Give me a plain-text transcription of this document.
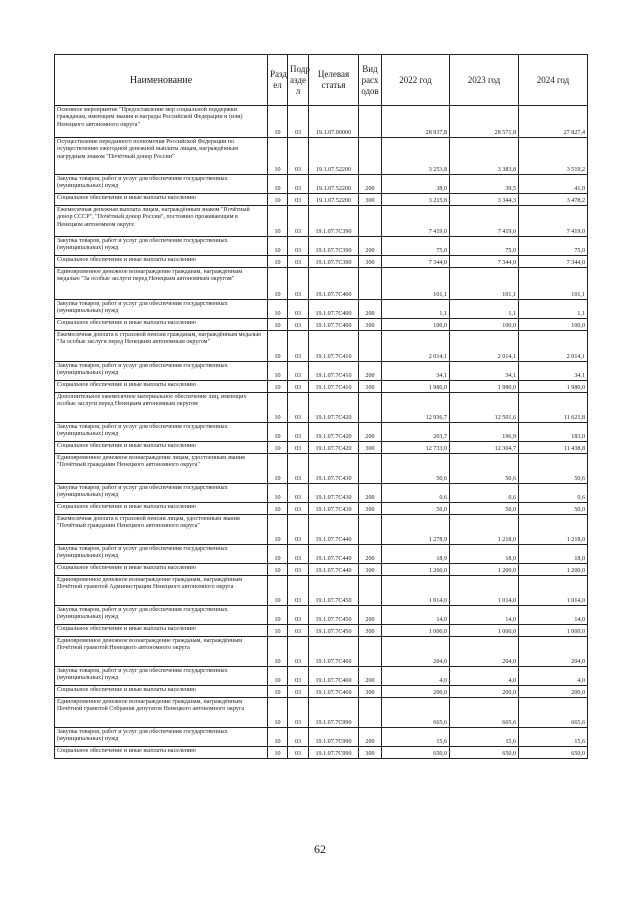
Наименование	Разд ел	Подр азде л	Целевая статья	Вид расх одов	2022 год	2023 год	2024 год
Основное мероприятие "Предоставление мер социальной поддержки гражданам, имеющим звания и награды Российской Федерации и (или) Ненецкого автономного округа"	10	03	19.1.07.00000		28 937,8	28 571,8	27 827,4
Осуществление переданного полномочия Российской Федерации по осуществлению ежегодной денежной выплаты лицам, награждённым нагрудным знаком "Почётный донор России"	10	03	19.1.07.52200		3 253,8	3 383,8	3 519,2
Закупка товаров, работ и услуг для обеспечения государственных (муниципальных) нужд	10	03	19.1.07.52200	200	38,0	39,5	41,0
Социальное обеспечение и иные выплаты населению	10	03	19.1.07.52200	300	3 215,8	3 344,3	3 478,2
Ежемесячная денежная выплата лицам, награждённым знаком "Почётный донор СССР", "Почётный донор России", постоянно проживающим в Ненецком автономном округе	10	03	19.1.07.7С390		7 419,0	7 419,0	7 419,0
Закупка товаров, работ и услуг для обеспечения государственных (муниципальных) нужд	10	03	19.1.07.7С390	200	75,0	75,0	75,0
Социальное обеспечение и иные выплаты населению	10	03	19.1.07.7С390	300	7 344,0	7 344,0	7 344,0
Единовременное денежное вознаграждение гражданам, награждённым медалью "За особые заслуги перед Ненецким автономным округом"	10	03	19.1.07.7С400		101,1	101,1	101,1
Закупка товаров, работ и услуг для обеспечения государственных (муниципальных) нужд	10	03	19.1.07.7С400	200	1,1	1,1	1,1
Социальное обеспечение и иные выплаты населению	10	03	19.1.07.7С400	300	100,0	100,0	100,0
Ежемесячная доплата к страховой пенсии гражданам, награждённым медалью "За особые заслуги перед Ненецким автономным округом"	10	03	19.1.07.7С410		2 014,1	2 014,1	2 014,1
Закупка товаров, работ и услуг для обеспечения государственных (муниципальных) нужд	10	03	19.1.07.7С410	200	34,1	34,1	34,1
Социальное обеспечение и иные выплаты населению	10	03	19.1.07.7С410	300	1 980,0	1 980,0	1 980,0
Дополнительное ежемесячное материальное обеспечение лиц, имеющих особые заслуги перед Ненецким автономным округом	10	03	19.1.07.7С420		12 936,7	12 501,6	11 621,8
Закупка товаров, работ и услуг для обеспечения государственных (муниципальных) нужд	10	03	19.1.07.7С420	200	203,7	196,9	183,0
Социальное обеспечение и иные выплаты населению	10	03	19.1.07.7С420	300	12 733,0	12 304,7	11 438,8
Единовременное денежное вознаграждение лицам, удостоенным звания "Почётный гражданин Ненецкого автономного округа"	10	03	19.1.07.7С430		50,6	50,6	50,6
Закупка товаров, работ и услуг для обеспечения государственных (муниципальных) нужд	10	03	19.1.07.7С430	200	0,6	0,6	0,6
Социальное обеспечение и иные выплаты населению	10	03	19.1.07.7С430	300	50,0	50,0	50,0
Ежемесячная доплата к страховой пенсии лицам, удостоенным звания "Почётный гражданин Ненецкого автономного округа"	10	03	19.1.07.7С440		1 278,9	1 218,0	1 218,0
Закупка товаров, работ и услуг для обеспечения государственных (муниципальных) нужд	10	03	19.1.07.7С440	200	18,9	18,0	18,0
Социальное обеспечение и иные выплаты населению	10	03	19.1.07.7С440	300	1 260,0	1 200,0	1 200,0
Единовременное денежное вознаграждение гражданам, награждённым Почётной грамотой Администрации Ненецкого автономного округа	10	03	19.1.07.7С450		1 014,0	1 014,0	1 014,0
Закупка товаров, работ и услуг для обеспечения государственных (муниципальных) нужд	10	03	19.1.07.7С450	200	14,0	14,0	14,0
Социальное обеспечение и иные выплаты населению	10	03	19.1.07.7С450	300	1 000,0	1 000,0	1 000,0
Единовременное денежное вознаграждение гражданам, награждённым Почётной грамотой Ненецкого автономного округа	10	03	19.1.07.7С460		204,0	204,0	204,0
Закупка товаров, работ и услуг для обеспечения государственных (муниципальных) нужд	10	03	19.1.07.7С460	200	4,0	4,0	4,0
Социальное обеспечение и иные выплаты населению	10	03	19.1.07.7С460	300	200,0	200,0	200,0
Единовременное денежное вознаграждение гражданам, награждённым Почётной грамотой Собрания депутатов Ненецкого автономного округа	10	03	19.1.07.7С990		665,6	665,6	665,6
Закупка товаров, работ и услуг для обеспечения государственных (муниципальных) нужд	10	03	19.1.07.7С990	200	15,6	15,6	15,6
Социальное обеспечение и иные выплаты населению	10	03	19.1.07.7С990	300	650,0	650,0	650,0
62
